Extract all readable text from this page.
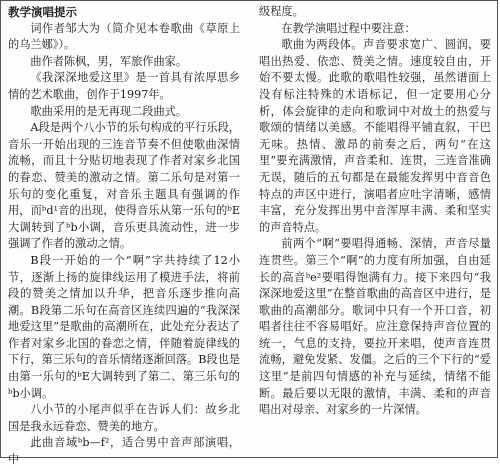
教学演唱提示

词作者邹大为（简介见本卷歌曲《草原上的乌兰娜》）。

曲作者陈枫，男，军旅作曲家。

《我深深地爱这里》是一首具有浓厚思乡情的艺术歌曲，创作于1997年。

歌曲采用的是无再现二段曲式。

A段是两个八小节的乐句构成的平行乐段，音乐一开始出现的三连音节奏不但使歌曲深情流畅，而且十分贴切地表现了作者对家乡北国的眷恋、赞美的激动之情。第二乐句是对第一乐句的变化重复，对音乐主题具有强调的作用，而ᵇd¹音的出现，使得音乐从第一乐句的ᵇE大调转到了ᵇb小调，音乐更具流动性，进一步强调了作者的激动之情。

B段一开始的一个“啊”字共持续了12小节，逐渐上扬的旋律线运用了模进手法，将前段的赞美之情加以升华，把音乐逐步推向高潮。B段第二乐句在高音区连续四遍的“我深深地爱这里”是歌曲的高潮所在，此处充分表达了作者对家乡北国的眷恋之情，伴随着旋律线的下行，第三乐句的音乐情绪逐渐回落。B段也是由第一乐句的ᵇE大调转到了第二、第三乐句的ᵇb小调。

八小节的小尾声似乎在告诉人们：故乡北国是我永远眷恋、赞美的地方。

此曲音域ᵇb—f²，适合男中音声部演唱，中

级程度。

在教学演唱过程中要注意：

歌曲为两段体。声音要求宽广、圆润，要唱出热爱、依恋、赞美之情。速度较自由，开始不要太慢。此歌的歌唱性较强，虽然谱面上没有标注特殊的术语标记，但一定要用心分析，体会旋律的走向和歌词中对故土的热爱与歌颂的情绪以美感。不能唱得平铺直叙，干巴无味。热情、激昂的前奏之后，两句“在这里”要充满激情，声音柔和、连贯，三连音准确无误，随后的五句都是在最能发挥男中音音色特点的声区中进行，演唱者应吐字清晰，感情丰富，充分发挥出男中音浑厚丰满、柔和坚实的声音特点。

前两个“啊”要唱得通畅、深情，声音尽量连贯些。第三个“啊”的力度有所加强，自由延长的高音ᵇe²要唱得饱满有力。接下来四句“我深深地爱这里”在整首歌曲的高音区中进行，是歌曲的高潮部分。歌词中只有一个开口音，初唱者往往不容易唱好。应注意保持声音位置的统一，气息的支持，要拉开来唱，使声音连贯流畅，避免发紧、发僵。之后的三个下行的“爱这里”是前四句情感的补充与延续，情绪不能断。最后要以无限的激情，丰满、柔和的声音唱出对母亲、对家乡的一片深情。
